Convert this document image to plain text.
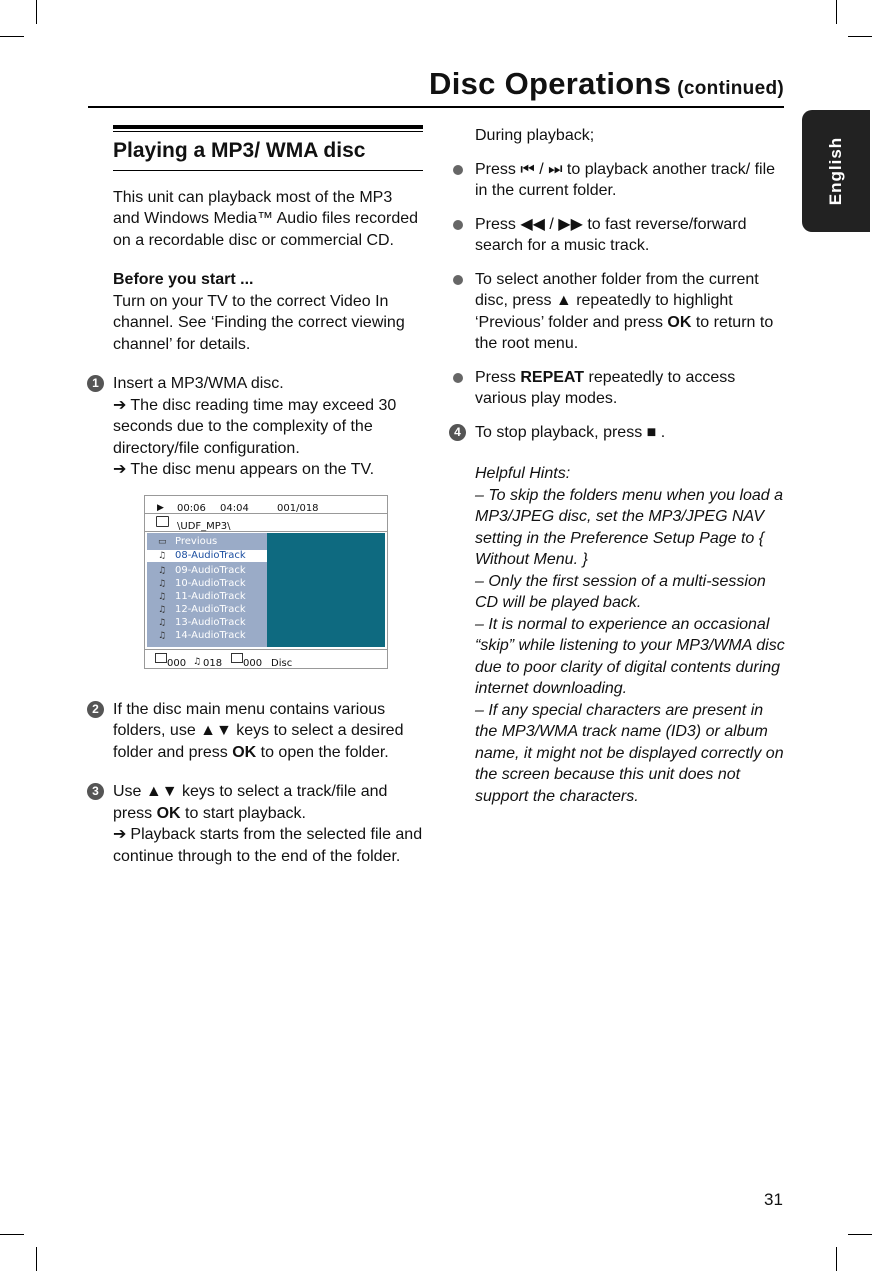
Disc Operations (continued)
English
Playing a MP3/ WMA disc

This unit can playback most of the MP3 and Windows Media™ Audio files recorded on a recordable disc or commercial CD.

Before you start ...

Turn on your TV to the correct Video In channel. See ‘Finding the correct viewing channel’ for details.

1 Insert a MP3/WMA disc.

➔ The disc reading time may exceed 30 seconds due to the complexity of the directory/file configuration.

➔ The disc menu appears on the TV.

▶ 00:06 04:04	001/018
\UDF_MP3\
▭ Previous
♫ 08-AudioTrack
♫ 09-AudioTrack
♫ 10-AudioTrack
♫ 11-AudioTrack
♫ 12-AudioTrack
♫ 13-AudioTrack
♫ 14-AudioTrack
000 ♫ 018 000 Disc
2 If the disc main menu contains various folders, use ▲▼ keys to select a desired folder and press OK to open the folder.

3 Use ▲▼ keys to select a track/file and press OK to start playback.

➔ Playback starts from the selected file and continue through to the end of the folder.

During playback;

Press ⏮ / ⏭ to playback another track/ file in the current folder.

Press ◀◀ / ▶▶ to fast reverse/forward search for a music track.

To select another folder from the current disc, press ▲ repeatedly to highlight ‘Previous’ folder and press OK to return to the root menu.

Press REPEAT repeatedly to access various play modes.

4 To stop playback, press ■ .

Helpful Hints:

– To skip the folders menu when you load a MP3/JPEG disc, set the MP3/JPEG NAV setting in the Preference Setup Page to { Without Menu. }

– Only the first session of a multi-session CD will be played back.

– It is normal to experience an occasional “skip” while listening to your MP3/WMA disc due to poor clarity of digital contents during internet downloading.

– If any special characters are present in the MP3/WMA track name (ID3) or album name, it might not be displayed correctly on the screen because this unit does not support the characters.

31
